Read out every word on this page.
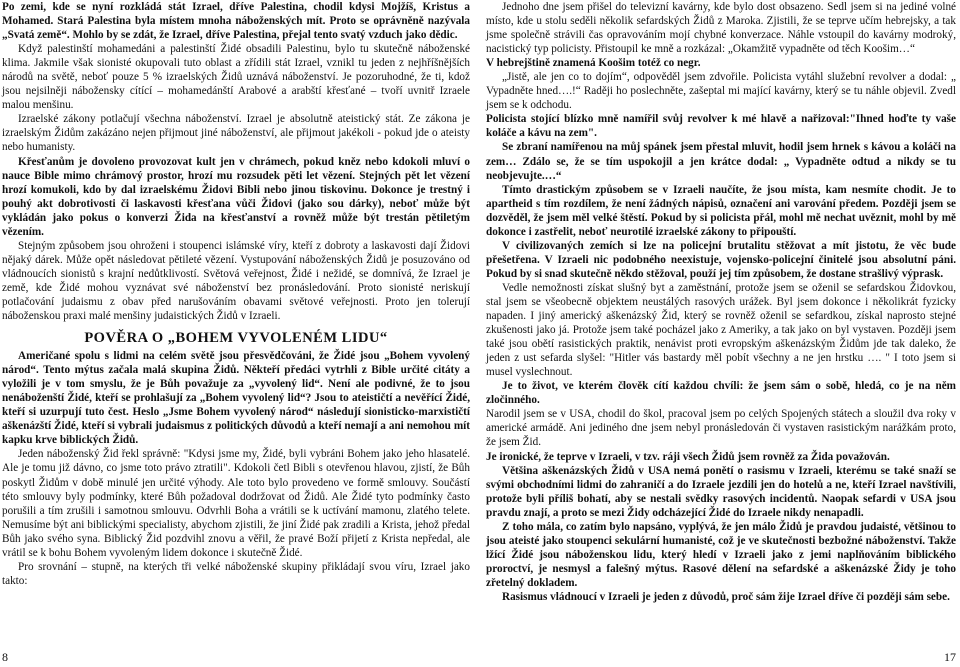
Po zemi, kde se nyní rozkládá stát Izrael, dříve Palestina, chodil kdysi Mojžíš, Kristus a Mohamed. Stará Palestina byla místem mnoha náboženských mít. Proto se oprávněně nazývala „Svatá země“. Mohlo by se zdát, že Izrael, dříve Palestina, přejal tento svatý vzduch jako dědic.

Když palestinští mohamedáni a palestinští Židé obsadili Palestinu, bylo tu skutečně náboženské klima. Jakmile však sionisté okupovali tuto oblast a zřídili stát Izrael, vznikl tu jeden z nejhříšnějších národů na světě, neboť pouze 5 % izraelských Židů uznává náboženství. Je pozoruhodné, že ti, kdož jsou nejsilněji nábožensky cítící – mohamedánští Arabové a arabští křesťané – tvoří uvnitř Izraele malou menšinu.

Izraelské zákony potlačují všechna náboženství. Izrael je absolutně ateistický stát. Ze zákona je izraelským Židům zakázáno nejen přijmout jiné náboženství, ale přijmout jakékoli - pokud jde o ateisty nebo humanisty.

Křesťanům je dovoleno provozovat kult jen v chrámech, pokud kněz nebo kdokoli mluví o nauce Bible mimo chrámový prostor, hrozí mu rozsudek pěti let vězení. Stejných pět let vězení hrozí komukoli, kdo by dal izraelskému Židovi Bibli nebo jinou tiskovinu. Dokonce je trestný i pouhý akt dobrotivosti či laskavosti křesťana vůči Židovi (jako sou dárky), neboť může být vykládán jako pokus o konverzi Žida na křesťanství a rovněž může být trestán pětiletým vězením.

Stejným způsobem jsou ohroženi i stoupenci islámské víry, kteří z dobroty a laskavosti dají Židovi nějaký dárek. Může opět následovat pětileté vězení. Vystupování náboženských Židů je posuzováno od vládnoucích sionistů s krajní nedůtklivostí. Světová veřejnost, Židé i nežidé, se domnívá, že Izrael je země, kde Židé mohou vyznávat své náboženství bez pronásledování. Proto sionisté neriskují potlačování judaismu z obav před narušováním obavami světové veřejnosti. Proto jen tolerují náboženskou praxi malé menšiny judaistických Židů v Izraeli.

POVĚRA O „BOHEM VYVOLENÉM LIDU“

Američané spolu s lidmi na celém světě jsou přesvědčováni, že Židé jsou „Bohem vyvolený národ“. Tento mýtus začala malá skupina Židů. Někteří předáci vytrhli z Bible určité citáty a vyložili je v tom smyslu, že je Bůh považuje za „vyvolený lid“. Není ale podivné, že to jsou nenáboženští Židé, kteří se prohlašují za „Bohem vyvolený lid“? Jsou to ateističtí a nevěřící Židé, kteří si uzurpují tuto čest. Heslo „Jsme Bohem vyvolený národ“ následují sionisticko-marxističtí aškenázští Židé, kteří si vybrali judaismus z politických důvodů a kteří nemají a ani nemohou mít kapku krve biblických Židů.

Jeden náboženský Žid řekl správně: "Kdysi jsme my, Židé, byli vybráni Bohem jako jeho hlasatelé. Ale je tomu již dávno, co jsme toto právo ztratili". Kdokoli četl Bibli s otevřenou hlavou, zjistí, že Bůh poskytl Židům v době minulé jen určité výhody. Ale toto bylo provedeno ve formě smlouvy. Součástí této smlouvy byly podmínky, které Bůh požadoval dodržovat od Židů. Ale Židé tyto podmínky často porušili a tím zrušili i samotnou smlouvu. Odvrhli Boha a vrátili se k uctívání mamonu, zlatého telete. Nemusíme být ani biblickými specialisty, abychom zjistili, že jiní Židé pak zradili a Krista, jehož předal Bůh jako svého syna. Biblický Žid pozdvihl znovu a věřil, že pravé Boží přijetí z Krista nepředal, ale vrátil se k bohu Bohem vyvoleným lidem dokonce i skutečně Židé.

Pro srovnání – stupně, na kterých tři velké náboženské skupiny přikládají svou víru, Izrael jako takto:

Jednoho dne jsem přišel do televizní kavárny, kde bylo dost obsazeno. Sedl jsem si na jediné volné místo, kde u stolu seděli několik sefardských Židů z Maroka. Zjistili, že se teprve učím hebrejsky, a tak jsme společně strávili čas opravováním mojí chybné konverzace. Náhle vstoupil do kavárny modroký, nacistický typ policisty. Přistoupil ke mně a rozkázal: „Okamžitě vypadněte od těch Koošim…“

V hebrejštině znamená Koošim totéž co negr.

„Jistě, ale jen co to dojím“, odpověděl jsem zdvořile. Policista vytáhl služební revolver a dodal: „ Vypadněte hned….!“ Raději ho poslechněte, zašeptal mi mající kavárny, který se tu náhle objevil. Zvedl jsem se k odchodu.

Policista stojící blízko mně namířil svůj revolver k mé hlavě a nařizoval:"Ihned hoďte ty vaše koláče a kávu na zem".

Se zbraní namířenou na můj spánek jsem přestal mluvit, hodil jsem hrnek s kávou a koláči na zem… Zdálo se, že se tím uspokojil a jen krátce dodal: „ Vypadněte odtud a nikdy se tu neobjevujte.…“

Tímto drastickým způsobem se v Izraeli naučíte, že jsou místa, kam nesmíte chodit. Je to apartheid s tím rozdílem, že není žádných nápisů, označení ani varování předem. Později jsem se dozvěděl, že jsem měl velké štěstí. Pokud by si policista přál, mohl mě nechat uvěznit, mohl by mě dokonce i zastřelit, neboť neurotilé izraelské zákony to připouští.

V civilizovaných zemích si lze na policejní brutalitu stěžovat a mít jistotu, že věc bude přešetřena. V Izraeli nic podobného neexistuje, vojensko-policejní činitelé jsou absolutní páni. Pokud by si snad skutečně někdo stěžoval, použí jej tím způsobem, že dostane strašlivý výprask.

Vedle nemožnosti získat slušný byt a zaměstnání, protože jsem se oženil se sefardskou Židovkou, stal jsem se všeobecně objektem neustálých rasových urážek. Byl jsem dokonce i několikrát fyzicky napaden. I jiný americký aškenázský Žid, který se rovněž oženil se sefardkou, získal naprosto stejné zkušenosti jako já. Protože jsem také pocházel jako z Ameriky, a tak jako on byl vystaven. Později jsem také jsou obětí rasistických praktik, nenávist proti evropským aškenázským Židům jde tak daleko, že jeden z ust sefarda slyšel: "Hitler vás bastardy měl pobít všechny a ne jen hrstku …. " I toto jsem si musel vyslechnout.

Je to život, ve kterém člověk cítí každou chvíli: že jsem sám o sobě, hledá, co je na něm zločinného.

Narodil jsem se v USA, chodil do škol, pracoval jsem po celých Spojených státech a sloužil dva roky v americké armádě. Ani jediného dne jsem nebyl pronásledován či vystaven rasistickým narážkám proto, že jsem Žid.

Je ironické, že teprve v Izraeli, v tzv. ráji všech Židů jsem rovněž za Žida považován.

Většina aškenázských Židů v USA nemá ponětí o rasismu v Izraeli, kterému se také snaží se svými obchodními lidmi do zahraničí a do Izraele jezdili jen do hotelů a ne, kteří Izrael navštívili, protože byli příliš bohatí, aby se nestali svědky rasových incidentů. Naopak sefardi v USA jsou pravdu znají, a proto se mezi Židy odcházející Židé do Izraele nikdy nenapadli.

Z toho mála, co zatím bylo napsáno, vyplývá, že jen málo Židů je pravdou judaisté, většinou to jsou ateisté jako stoupenci sekulární humanisté, což je ve skutečnosti bezbožné náboženství. Takže lžící Židé jsou náboženskou lidu, který hledí v Izraeli jako z jemi naplňováním biblického proroctví, je nesmysl a falešný mýtus. Rasové dělení na sefardské a aškenázské Židy je toho zřetelný dokladem.

Rasismus vládnoucí v Izraeli je jeden z důvodů, proč sám žije Izrael dříve či později sám sebe.

8	17
